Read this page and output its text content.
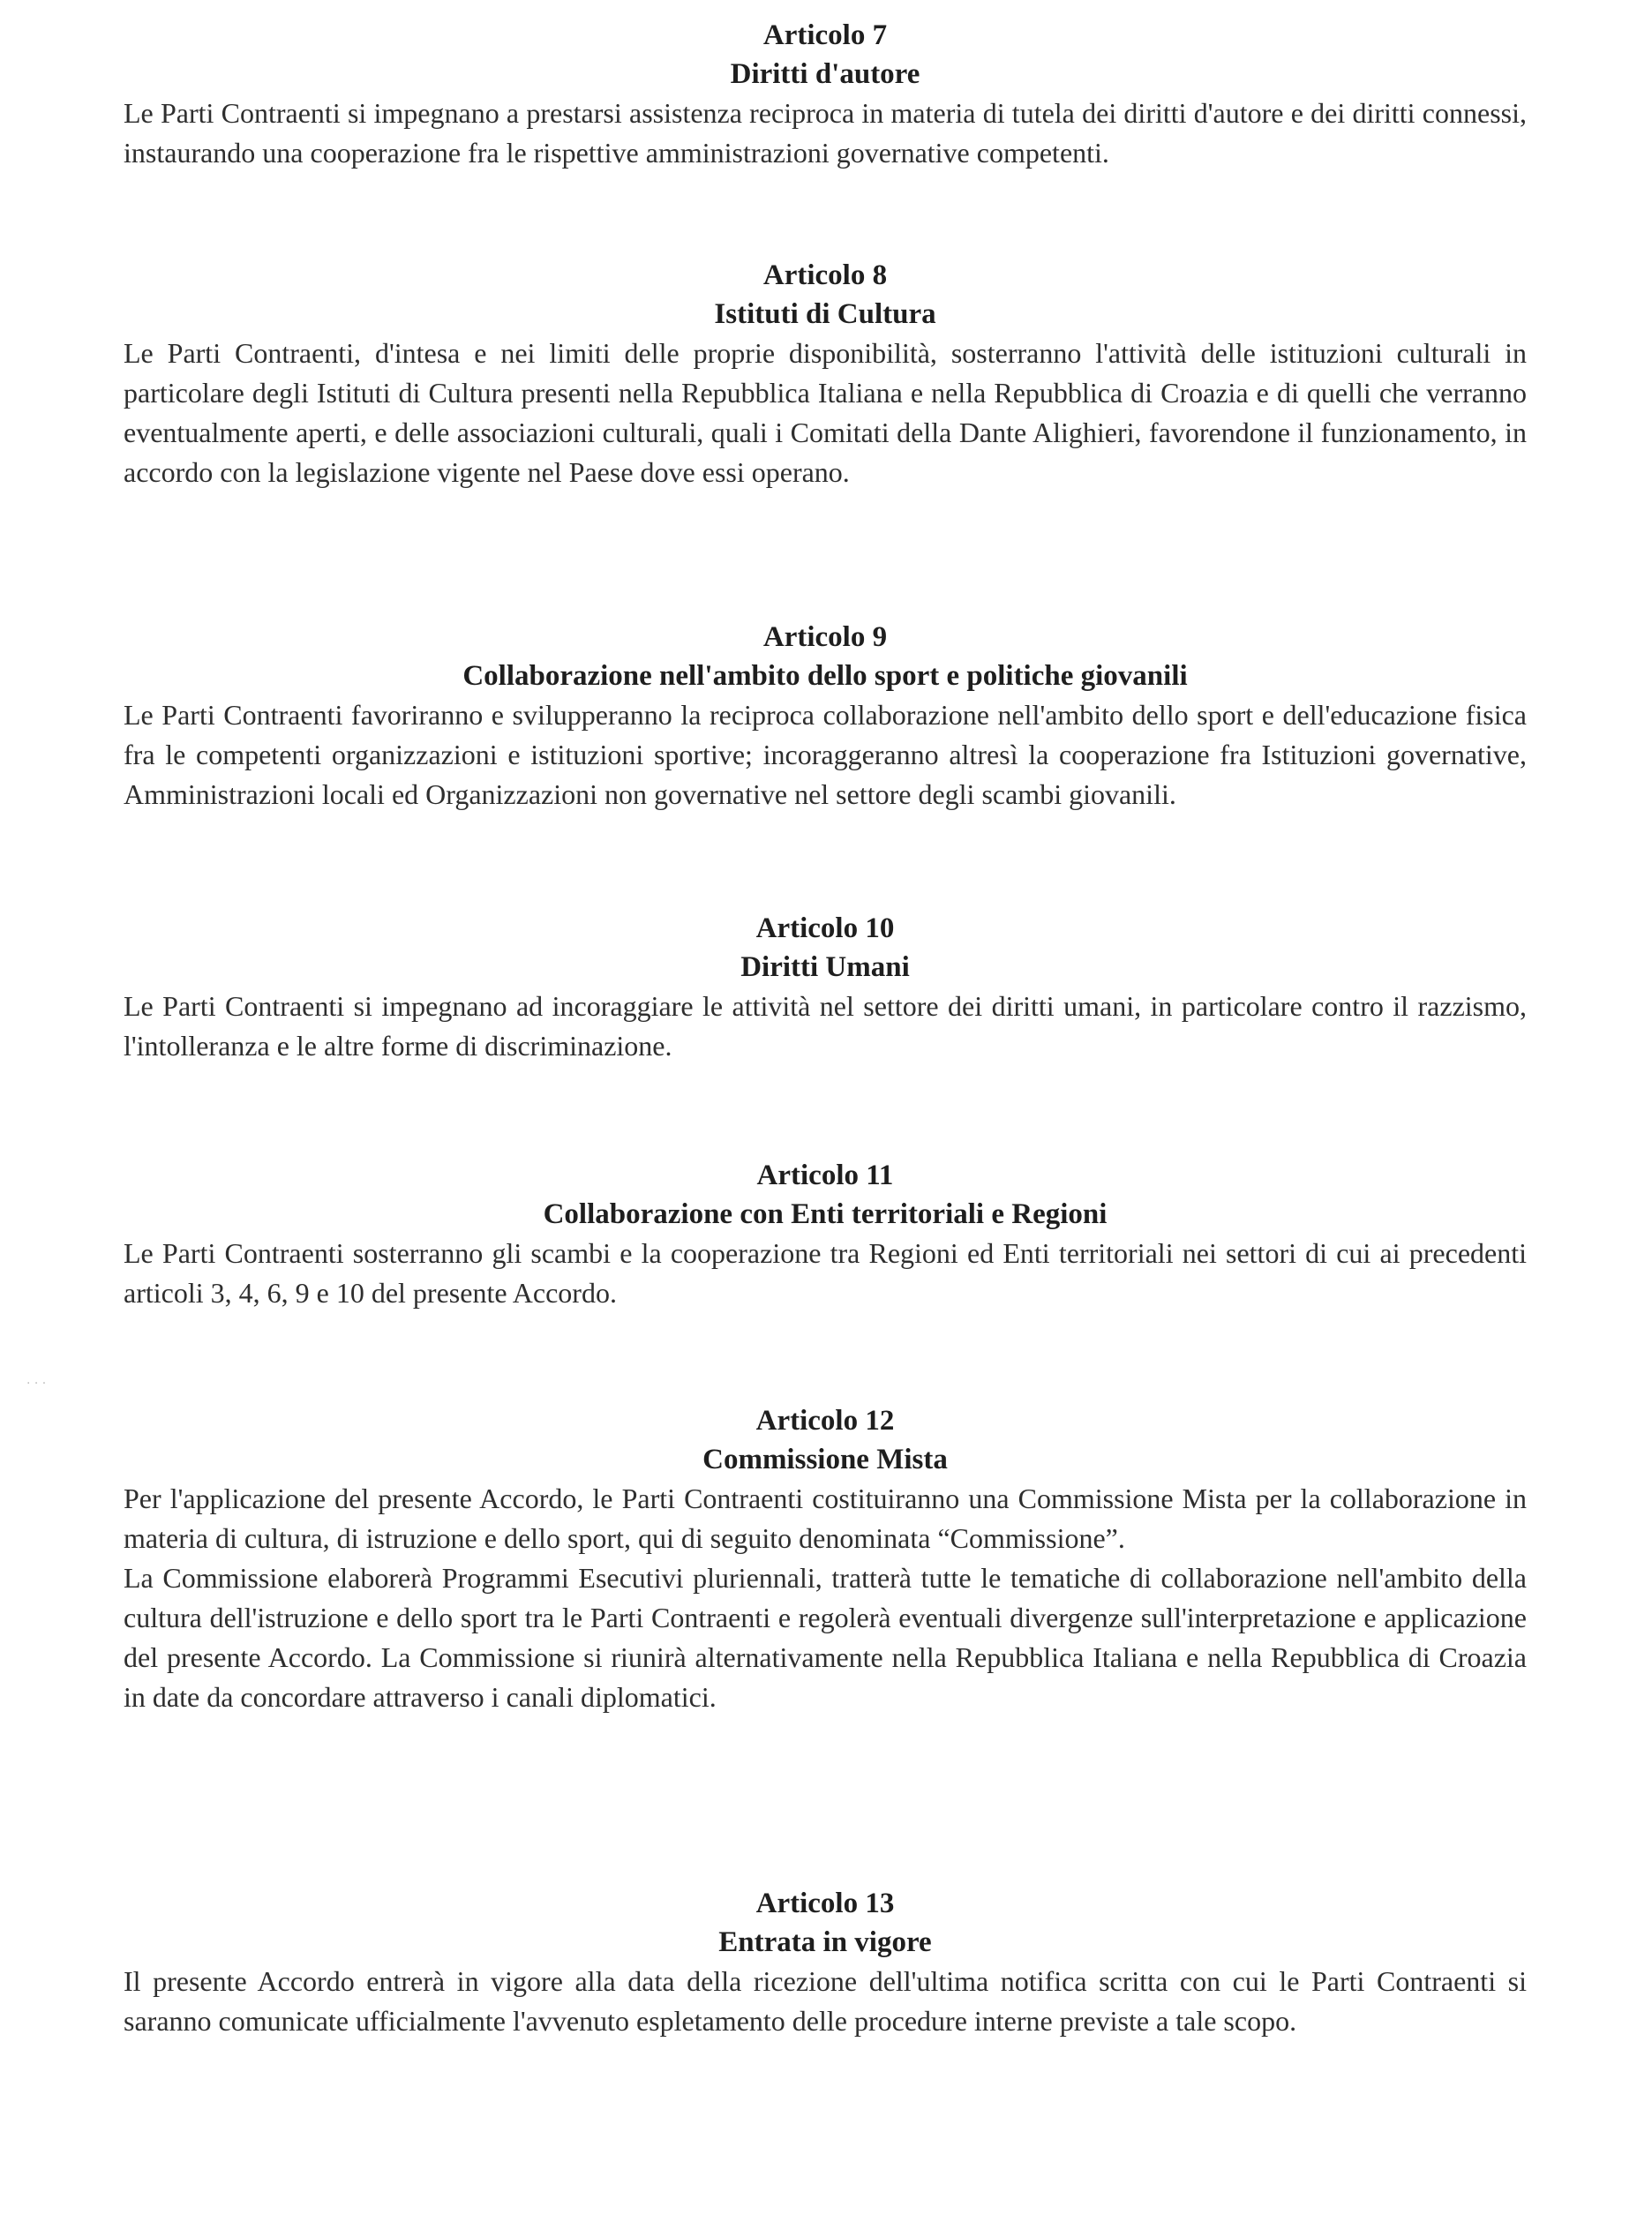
Articolo 7
Diritti d'autore

Le Parti Contraenti si impegnano a prestarsi assistenza reciproca in materia di tutela dei diritti d'autore e dei diritti connessi, instaurando una cooperazione fra le rispettive amministrazioni governative competenti.

Articolo 8
Istituti di Cultura

Le Parti Contraenti, d'intesa e nei limiti delle proprie disponibilità, sosterranno l'attività delle istituzioni culturali in particolare degli Istituti di Cultura presenti nella Repubblica Italiana e nella Repubblica di Croazia e di quelli che verranno eventualmente aperti, e delle associazioni culturali, quali i Comitati della Dante Alighieri, favorendone il funzionamento, in accordo con la legislazione vigente nel Paese dove essi operano.

Articolo 9
Collaborazione nell'ambito dello sport e politiche giovanili

Le Parti Contraenti favoriranno e svilupperanno la reciproca collaborazione nell'ambito dello sport e dell'educazione fisica fra le competenti organizzazioni e istituzioni sportive; incoraggeranno altresì la cooperazione fra Istituzioni governative, Amministrazioni locali ed Organizzazioni non governative nel settore degli scambi giovanili.

Articolo 10
Diritti Umani

Le Parti Contraenti si impegnano ad incoraggiare le attività nel settore dei diritti umani, in particolare contro il razzismo, l'intolleranza e le altre forme di discriminazione.

Articolo 11
Collaborazione con Enti territoriali e Regioni

Le Parti Contraenti sosterranno gli scambi e la cooperazione tra Regioni ed Enti territoriali nei settori di cui ai precedenti articoli 3, 4, 6, 9 e 10 del presente Accordo.

Articolo 12
Commissione Mista

Per l'applicazione del presente Accordo, le Parti Contraenti costituiranno una Commissione Mista per la collaborazione in materia di cultura, di istruzione e dello sport, qui di seguito denominata “Commissione”.

La Commissione elaborerà Programmi Esecutivi pluriennali, tratterà tutte le tematiche di collaborazione nell'ambito della cultura dell'istruzione e dello sport tra le Parti Contraenti e regolerà eventuali divergenze sull'interpretazione e applicazione del presente Accordo. La Commissione si riunirà alternativamente nella Repubblica Italiana e nella Repubblica di Croazia in date da concordare attraverso i canali diplomatici.

Articolo 13
Entrata in vigore

Il presente Accordo entrerà in vigore alla data della ricezione dell'ultima notifica scritta con cui le Parti Contraenti si saranno comunicate ufficialmente l'avvenuto espletamento delle procedure interne previste a tale scopo.

· · ·
